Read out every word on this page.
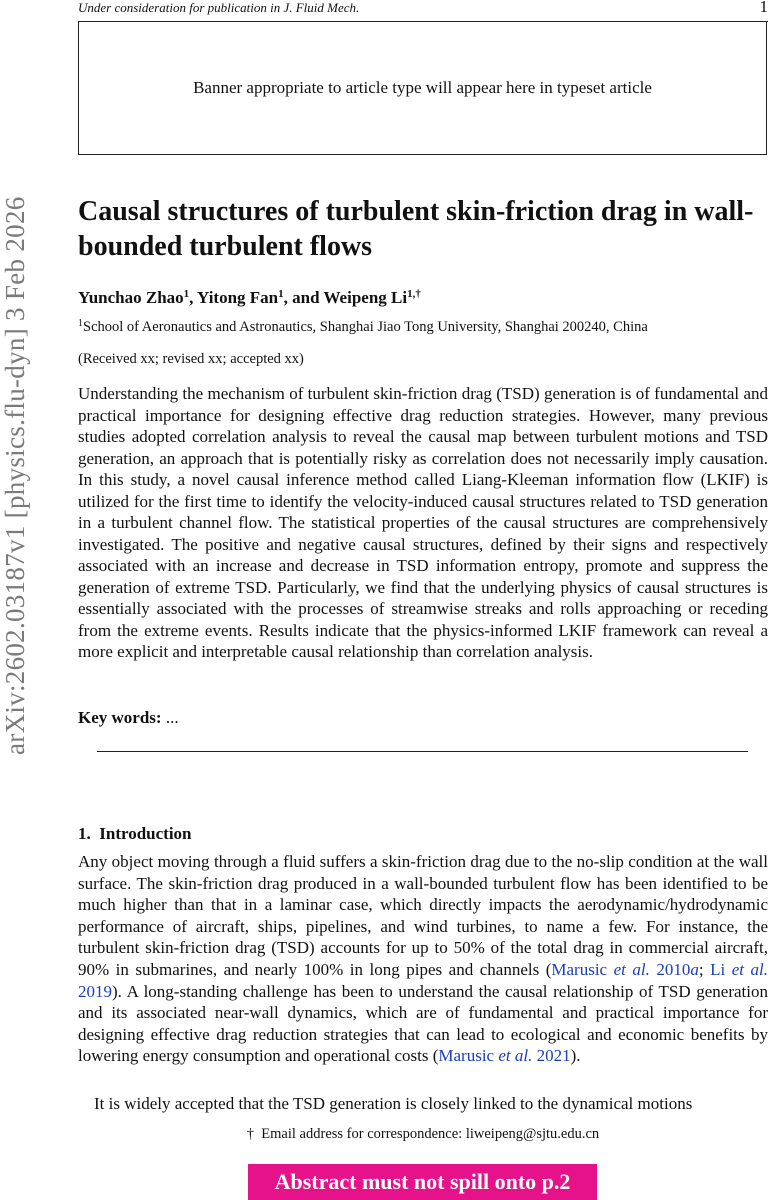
Under consideration for publication in J. Fluid Mech.	1
Banner appropriate to article type will appear here in typeset article
arXiv:2602.03187v1 [physics.flu-dyn] 3 Feb 2026	Causal structures of turbulent skin-friction drag in wall-bounded turbulent flows
Yunchao Zhao$^1$, Yitong Fan$^1$, and Weipeng $Li^{1,\dagger}$
$^1$School of Aeronautics and Astronautics, Shanghai Jiao Tong University, Shanghai 200240, China
(Received xx; revised xx; accepted xx)

Understanding the mechanism of turbulent skin-friction drag (TSD) generation is of fundamental and practical importance for designing effective drag reduction strategies. However, many previous studies adopted correlation analysis to reveal the causal map between turbulent motions and TSD generation, an approach that is potentially risky as correlation does not necessarily imply causation. In this study, a novel causal inference method called Liang-Kleeman information flow (LKIF) is utilized for the first time to identify the velocity-induced causal structures related to TSD generation in a turbulent channel flow. The statistical properties of the causal structures are comprehensively investigated. The positive and negative causal structures, defined by their signs and respectively associated with an increase and decrease in TSD information entropy, promote and suppress the generation of extreme TSD. Particularly, we find that the underlying physics of causal structures is essentially associated with the processes of streamwise streaks and rolls approaching or receding from the extreme events. Results indicate that the physics-informed LKIF framework can reveal a more explicit and interpretable causal relationship than correlation analysis.

Key words: ...
1. Introduction

Any object moving through a fluid suffers a skin-friction drag due to the no-slip condition at the wall surface. The skin-friction drag produced in a wall-bounded turbulent flow has been identified to be much higher than that in a laminar case, which directly impacts the aerodynamic/hydrodynamic performance of aircraft, ships, pipelines, and wind turbines, to name a few. For instance, the turbulent skin-friction drag (TSD) accounts for up to 50% of the total drag in commercial aircraft, 90% in submarines, and nearly 100% in long pipes and channels (Marusic et al. 2010a; Li et al. 2019). A long-standing challenge has been to understand the causal relationship of TSD generation and its associated near-wall dynamics, which are of fundamental and practical importance for designing effective drag reduction strategies that can lead to ecological and economic benefits by lowering energy consumption and operational costs (Marusic et al. 2021).

It is widely accepted that the TSD generation is closely linked to the dynamical motions

† Email address for correspondence: liweipeng@sjtu.edu.cn
Abstract must not spill onto p.2
